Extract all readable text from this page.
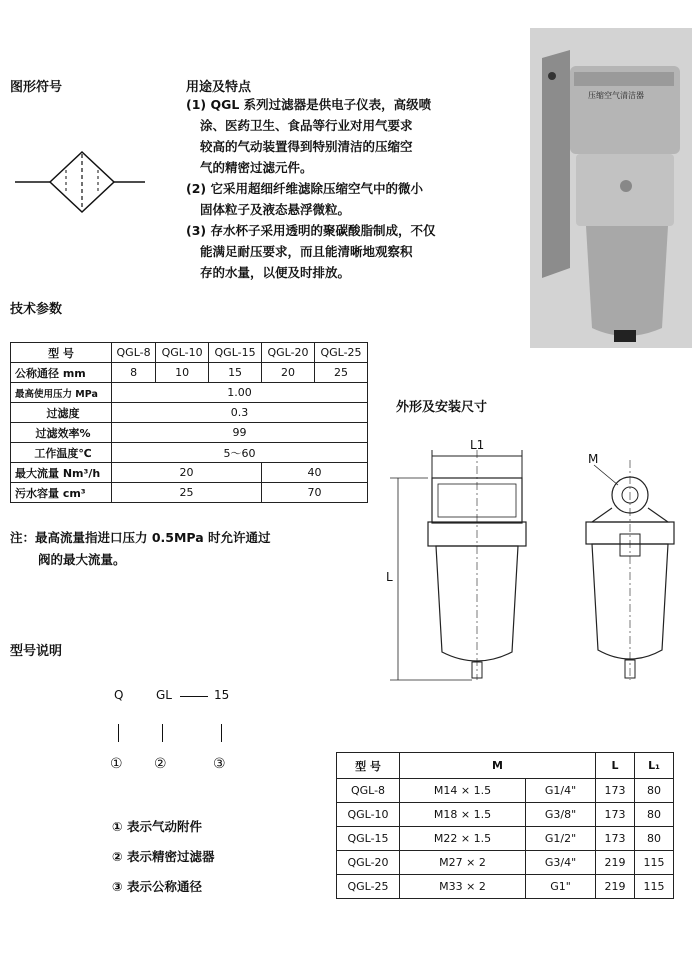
图形符号	用途及特点
(1) QGL 系列过滤器是供电子仪表，高级喷
涂、医药卫生、食品等行业对用气要求
较高的气动装置得到特别清洁的压缩空
气的精密过滤元件。
(2) 它采用超细纤维滤除压缩空气中的微小
固体粒子及液态悬浮微粒。
(3) 存水杯子采用透明的聚碳酸脂制成，不仅
能满足耐压要求，而且能清晰地观察积
存的水量，以便及时排放。
压缩空气清洁器
技术参数
型 号	QGL-8	QGL-10	QGL-15	QGL-20	QGL-25
公称通径 mm	8	10	15	20	25
最高使用压力 MPa	1.00				
过滤度	0.3				
过滤效率%	99				
工作温度℃	5～60				
最大流量 Nm³/h	20			40	
污水容量 cm³	25			70	
注：最高流量指进口压力 0.5MPa 时允许通过
阀的最大流量。
外形及安装尺寸
L1
L
M
型号说明
Q	GL	15
① ②	③
① 表示气动附件
② 表示精密过滤器
③ 表示公称通径
型 号	M		L	L₁
QGL-8	M14 × 1.5	G1/4"	173	80
QGL-10	M18 × 1.5	G3/8"	173	80
QGL-15	M22 × 1.5	G1/2"	173	80
QGL-20	M27 × 2	G3/4"	219	115
QGL-25	M33 × 2	G1"	219	115
